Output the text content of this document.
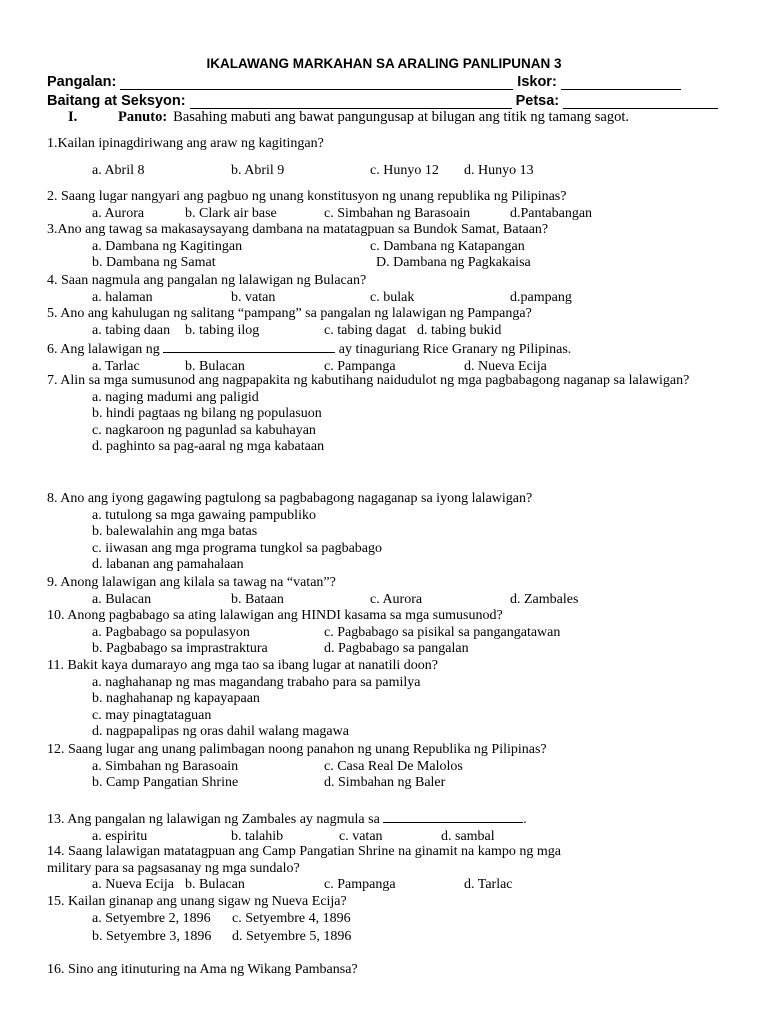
IKALAWANG MARKAHAN SA ARALING PANLIPUNAN 3
Pangalan:	Iskor:
Baitang at Seksyon:	Petsa:
I.	Panuto: Basahing mabuti ang bawat pangungusap at bilugan ang titik ng tamang sagot.
1.Kailan ipinagdiriwang ang araw ng kagitingan?
a. Abril 8	b. Abril 9	c. Hunyo 12 d. Hunyo 13
2. Saang lugar nangyari ang pagbuo ng unang konstitusyon ng unang republika ng Pilipinas?
a. Aurora	b. Clark air base	c. Simbahan ng Barasoain	d.Pantabangan
3.Ano ang tawag sa makasaysayang dambana na matatagpuan sa Bundok Samat, Bataan?
a. Dambana ng Kagitingan	c. Dambana ng Katapangan
b. Dambana ng Samat	D. Dambana ng Pagkakaisa
4. Saan nagmula ang pangalan ng lalawigan ng Bulacan?
a. halaman	b. vatan	c. bulak	d.pampang
5. Ano ang kahulugan ng salitang “pampang” sa pangalan ng lalawigan ng Pampanga?
a. tabing daan b. tabing ilog	c. tabing dagat d. tabing bukid
6. Ang lalawigan ng	ay tinaguriang Rice Granary ng Pilipinas.
a. Tarlac	b. Bulacan	c. Pampanga	d. Nueva Ecija
7. Alin sa mga sumusunod ang nagpapakita ng kabutihang naidudulot ng mga pagbabagong naganap sa lalawigan?
a. naging madumi ang paligid
b. hindi pagtaas ng bilang ng populasuon
c. nagkaroon ng pagunlad sa kabuhayan
d. paghinto sa pag-aaral ng mga kabataan
8. Ano ang iyong gagawing pagtulong sa pagbabagong nagaganap sa iyong lalawigan?
a. tutulong sa mga gawaing pampubliko
b. balewalahin ang mga batas
c. iiwasan ang mga programa tungkol sa pagbabago
d. labanan ang pamahalaan
9. Anong lalawigan ang kilala sa tawag na “vatan”?
a. Bulacan	b. Bataan	c. Aurora	d. Zambales
10. Anong pagbabago sa ating lalawigan ang HINDI kasama sa mga sumusunod?
a. Pagbabago sa populasyon	c. Pagbabago sa pisikal sa pangangatawan
b. Pagbabago sa imprastraktura	d. Pagbabago sa pangalan
11. Bakit kaya dumarayo ang mga tao sa ibang lugar at nanatili doon?
a. naghahanap ng mas magandang trabaho para sa pamilya
b. naghahanap ng kapayapaan
c. may pinagtataguan
d. nagpapalipas ng oras dahil walang magawa
12. Saang lugar ang unang palimbagan noong panahon ng unang Republika ng Pilipinas?
a. Simbahan ng Barasoain	c. Casa Real De Malolos
b. Camp Pangatian Shrine	d. Simbahan ng Baler
13. Ang pangalan ng lalawigan ng Zambales ay nagmula sa	.
a. espiritu	b. talahib	c. vatan	d. sambal
14. Saang lalawigan matatagpuan ang Camp Pangatian Shrine na ginamit na kampo ng mga military para sa pagsasanay ng mga sundalo?
a. Nueva Ecija b. Bulacan	c. Pampanga	d. Tarlac
15. Kailan ginanap ang unang sigaw ng Nueva Ecija?
a. Setyembre 2, 1896 c. Setyembre 4, 1896
b. Setyembre 3, 1896 d. Setyembre 5, 1896
16. Sino ang itinuturing na Ama ng Wikang Pambansa?
